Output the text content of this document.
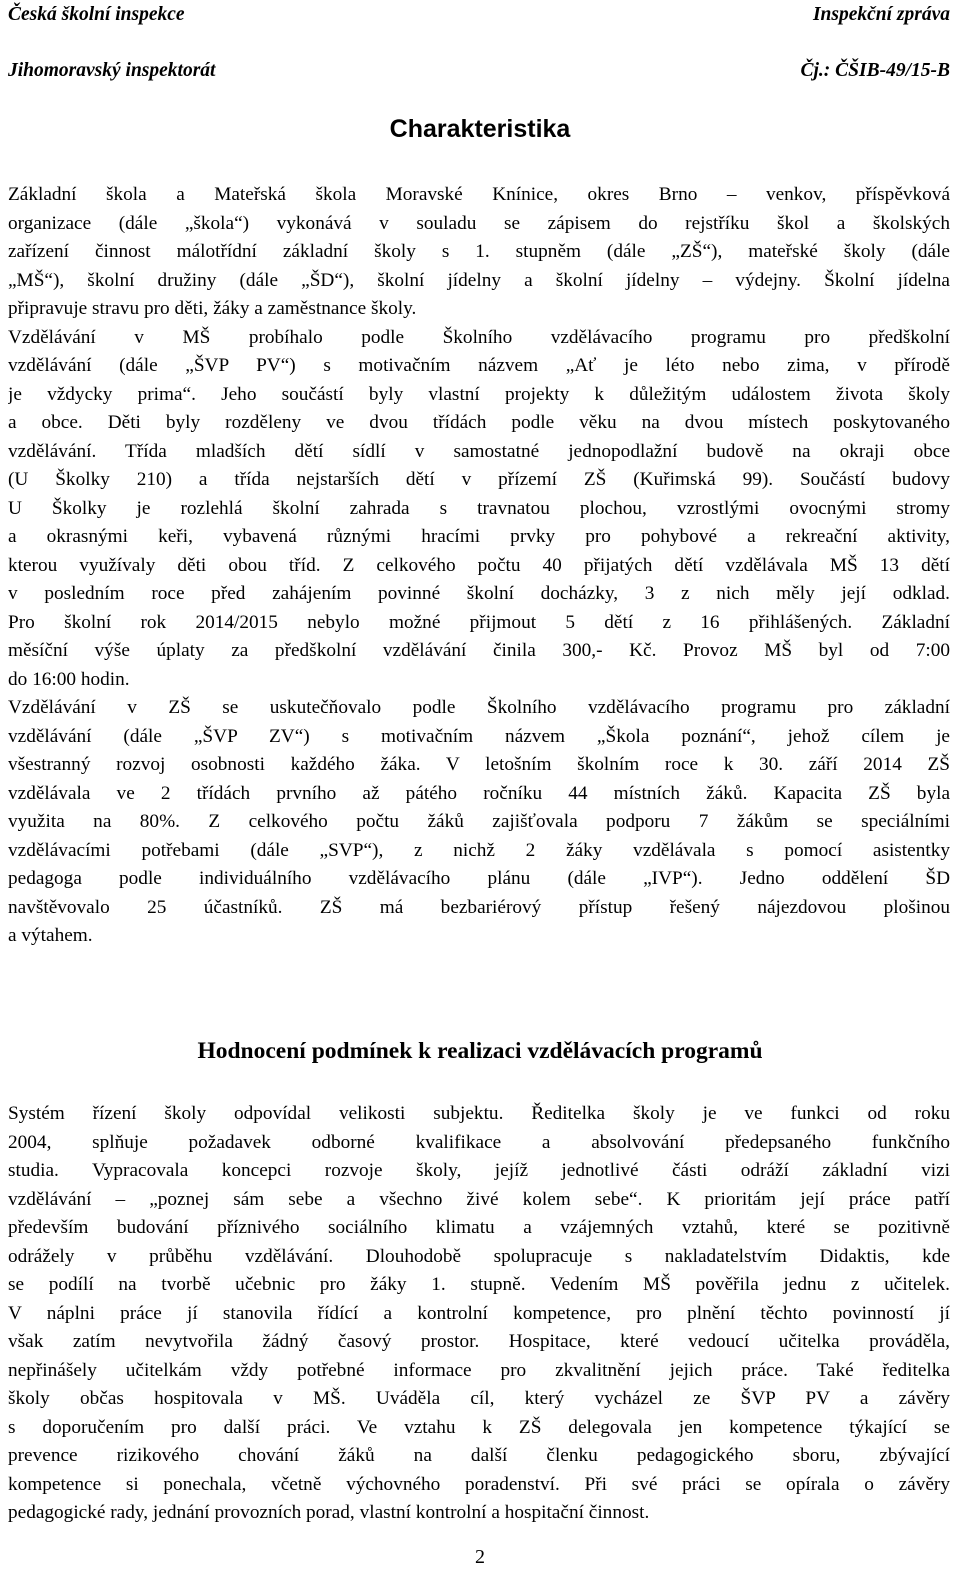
Česká školní inspekce	Inspekční zpráva
Jihomoravský inspektorát	Čj.: ČŠIB-49/15-B
Charakteristika
Základní škola a Mateřská škola Moravské Knínice, okres Brno – venkov, příspěvková
organizace (dále „škola“) vykonává v souladu se zápisem do rejstříku škol a školských
zařízení činnost málotřídní základní školy s 1. stupněm (dále „ZŠ“), mateřské školy (dále
„MŠ“), školní družiny (dále „ŠD“), školní jídelny a školní jídelny – výdejny. Školní jídelna
připravuje stravu pro děti, žáky a zaměstnance školy.
Vzdělávání v MŠ probíhalo podle Školního vzdělávacího programu pro předškolní
vzdělávání (dále „ŠVP PV“) s motivačním názvem „Ať je léto nebo zima, v přírodě
je vždycky prima“. Jeho součástí byly vlastní projekty k důležitým událostem života školy
a obce. Děti byly rozděleny ve dvou třídách podle věku na dvou místech poskytovaného
vzdělávání. Třída mladších dětí sídlí v samostatné jednopodlažní budově na okraji obce
(U Školky 210) a třída nejstarších dětí v přízemí ZŠ (Kuřimská 99). Součástí budovy
U Školky je rozlehlá školní zahrada s travnatou plochou, vzrostlými ovocnými stromy
a okrasnými keři, vybavená různými hracími prvky pro pohybové a rekreační aktivity,
kterou využívaly děti obou tříd. Z celkového počtu 40 přijatých dětí vzdělávala MŠ 13 dětí
v posledním roce před zahájením povinné školní docházky, 3 z nich měly její odklad.
Pro školní rok 2014/2015 nebylo možné přijmout 5 dětí z 16 přihlášených. Základní
měsíční výše úplaty za předškolní vzdělávání činila 300,- Kč. Provoz MŠ byl od 7:00
do 16:00 hodin.
Vzdělávání v ZŠ se uskutečňovalo podle Školního vzdělávacího programu pro základní
vzdělávání (dále „ŠVP ZV“) s motivačním názvem „Škola poznání“, jehož cílem je
všestranný rozvoj osobnosti každého žáka. V letošním školním roce k 30. září 2014 ZŠ
vzdělávala ve 2 třídách prvního až pátého ročníku 44 místních žáků. Kapacita ZŠ byla
využita na 80%. Z celkového počtu žáků zajišťovala podporu 7 žákům se speciálními
vzdělávacími potřebami (dále „SVP“), z nichž 2 žáky vzdělávala s pomocí asistentky
pedagoga podle individuálního vzdělávacího plánu (dále „IVP“). Jedno oddělení ŠD
navštěvovalo 25 účastníků. ZŠ má bezbariérový přístup řešený nájezdovou plošinou
a výtahem.
Hodnocení podmínek k realizaci vzdělávacích programů
Systém řízení školy odpovídal velikosti subjektu. Ředitelka školy je ve funkci od roku
2004, splňuje požadavek odborné kvalifikace a absolvování předepsaného funkčního
studia. Vypracovala koncepci rozvoje školy, jejíž jednotlivé části odráží základní vizi
vzdělávání – „poznej sám sebe a všechno živé kolem sebe“. K prioritám její práce patří
především budování příznivého sociálního klimatu a vzájemných vztahů, které se pozitivně
odrážely v průběhu vzdělávání. Dlouhodobě spolupracuje s nakladatelstvím Didaktis, kde
se podílí na tvorbě učebnic pro žáky 1. stupně. Vedením MŠ pověřila jednu z učitelek.
V náplni práce jí stanovila řídící a kontrolní kompetence, pro plnění těchto povinností jí
však zatím nevytvořila žádný časový prostor. Hospitace, které vedoucí učitelka prováděla,
nepřinášely učitelkám vždy potřebné informace pro zkvalitnění jejich práce. Také ředitelka
školy občas hospitovala v MŠ. Uváděla cíl, který vycházel ze ŠVP PV a závěry
s doporučením pro další práci. Ve vztahu k ZŠ delegovala jen kompetence týkající se
prevence rizikového chování žáků na další členku pedagogického sboru, zbývající
kompetence si ponechala, včetně výchovného poradenství. Při své práci se opírala o závěry
pedagogické rady, jednání provozních porad, vlastní kontrolní a hospitační činnost.
2
